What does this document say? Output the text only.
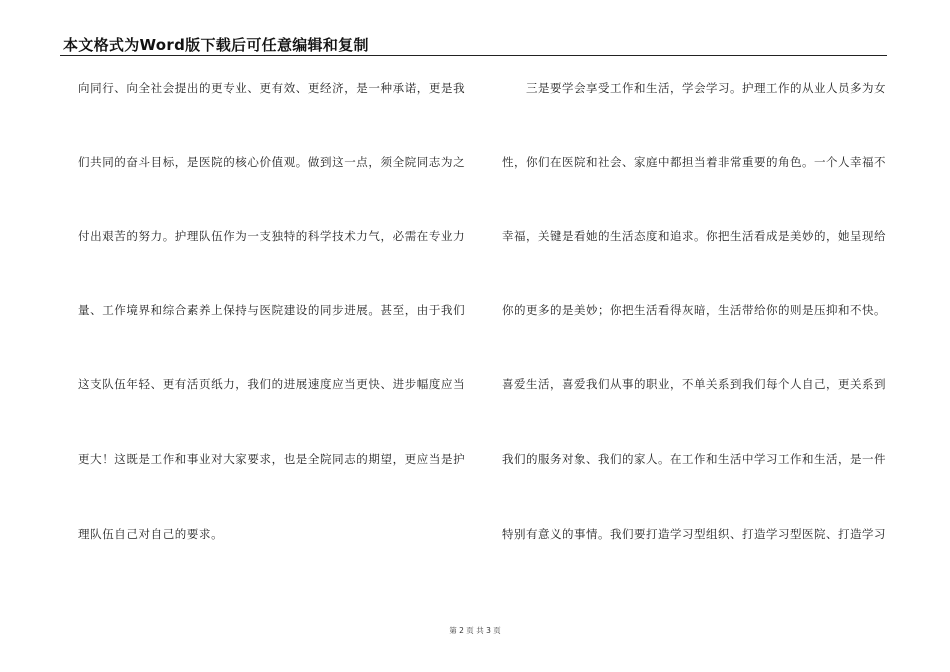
本文格式为Word版下载后可任意编辑和复制
向同行、向全社会提出的更专业、更有效、更经济，是一种承诺，更是我
们共同的奋斗目标，是医院的核心价值观。做到这一点，须全院同志为之
付出艰苦的努力。护理队伍作为一支独特的科学技术力气，必需在专业力
量、工作境界和综合素养上保持与医院建设的同步进展。甚至，由于我们
这支队伍年轻、更有活页纸力，我们的进展速度应当更快、进步幅度应当
更大！这既是工作和事业对大家要求，也是全院同志的期望，更应当是护
理队伍自己对自己的要求。
三是要学会享受工作和生活，学会学习。护理工作的从业人员多为女
性，你们在医院和社会、家庭中都担当着非常重要的角色。一个人幸福不
幸福，关键是看她的生活态度和追求。你把生活看成是美妙的，她呈现给
你的更多的是美妙；你把生活看得灰暗，生活带给你的则是压抑和不快。
喜爱生活，喜爱我们从事的职业，不单关系到我们每个人自己，更关系到
我们的服务对象、我们的家人。在工作和生活中学习工作和生活，是一件
特别有意义的事情。我们要打造学习型组织、打造学习型医院、打造学习
第 2 页 共 3 页
